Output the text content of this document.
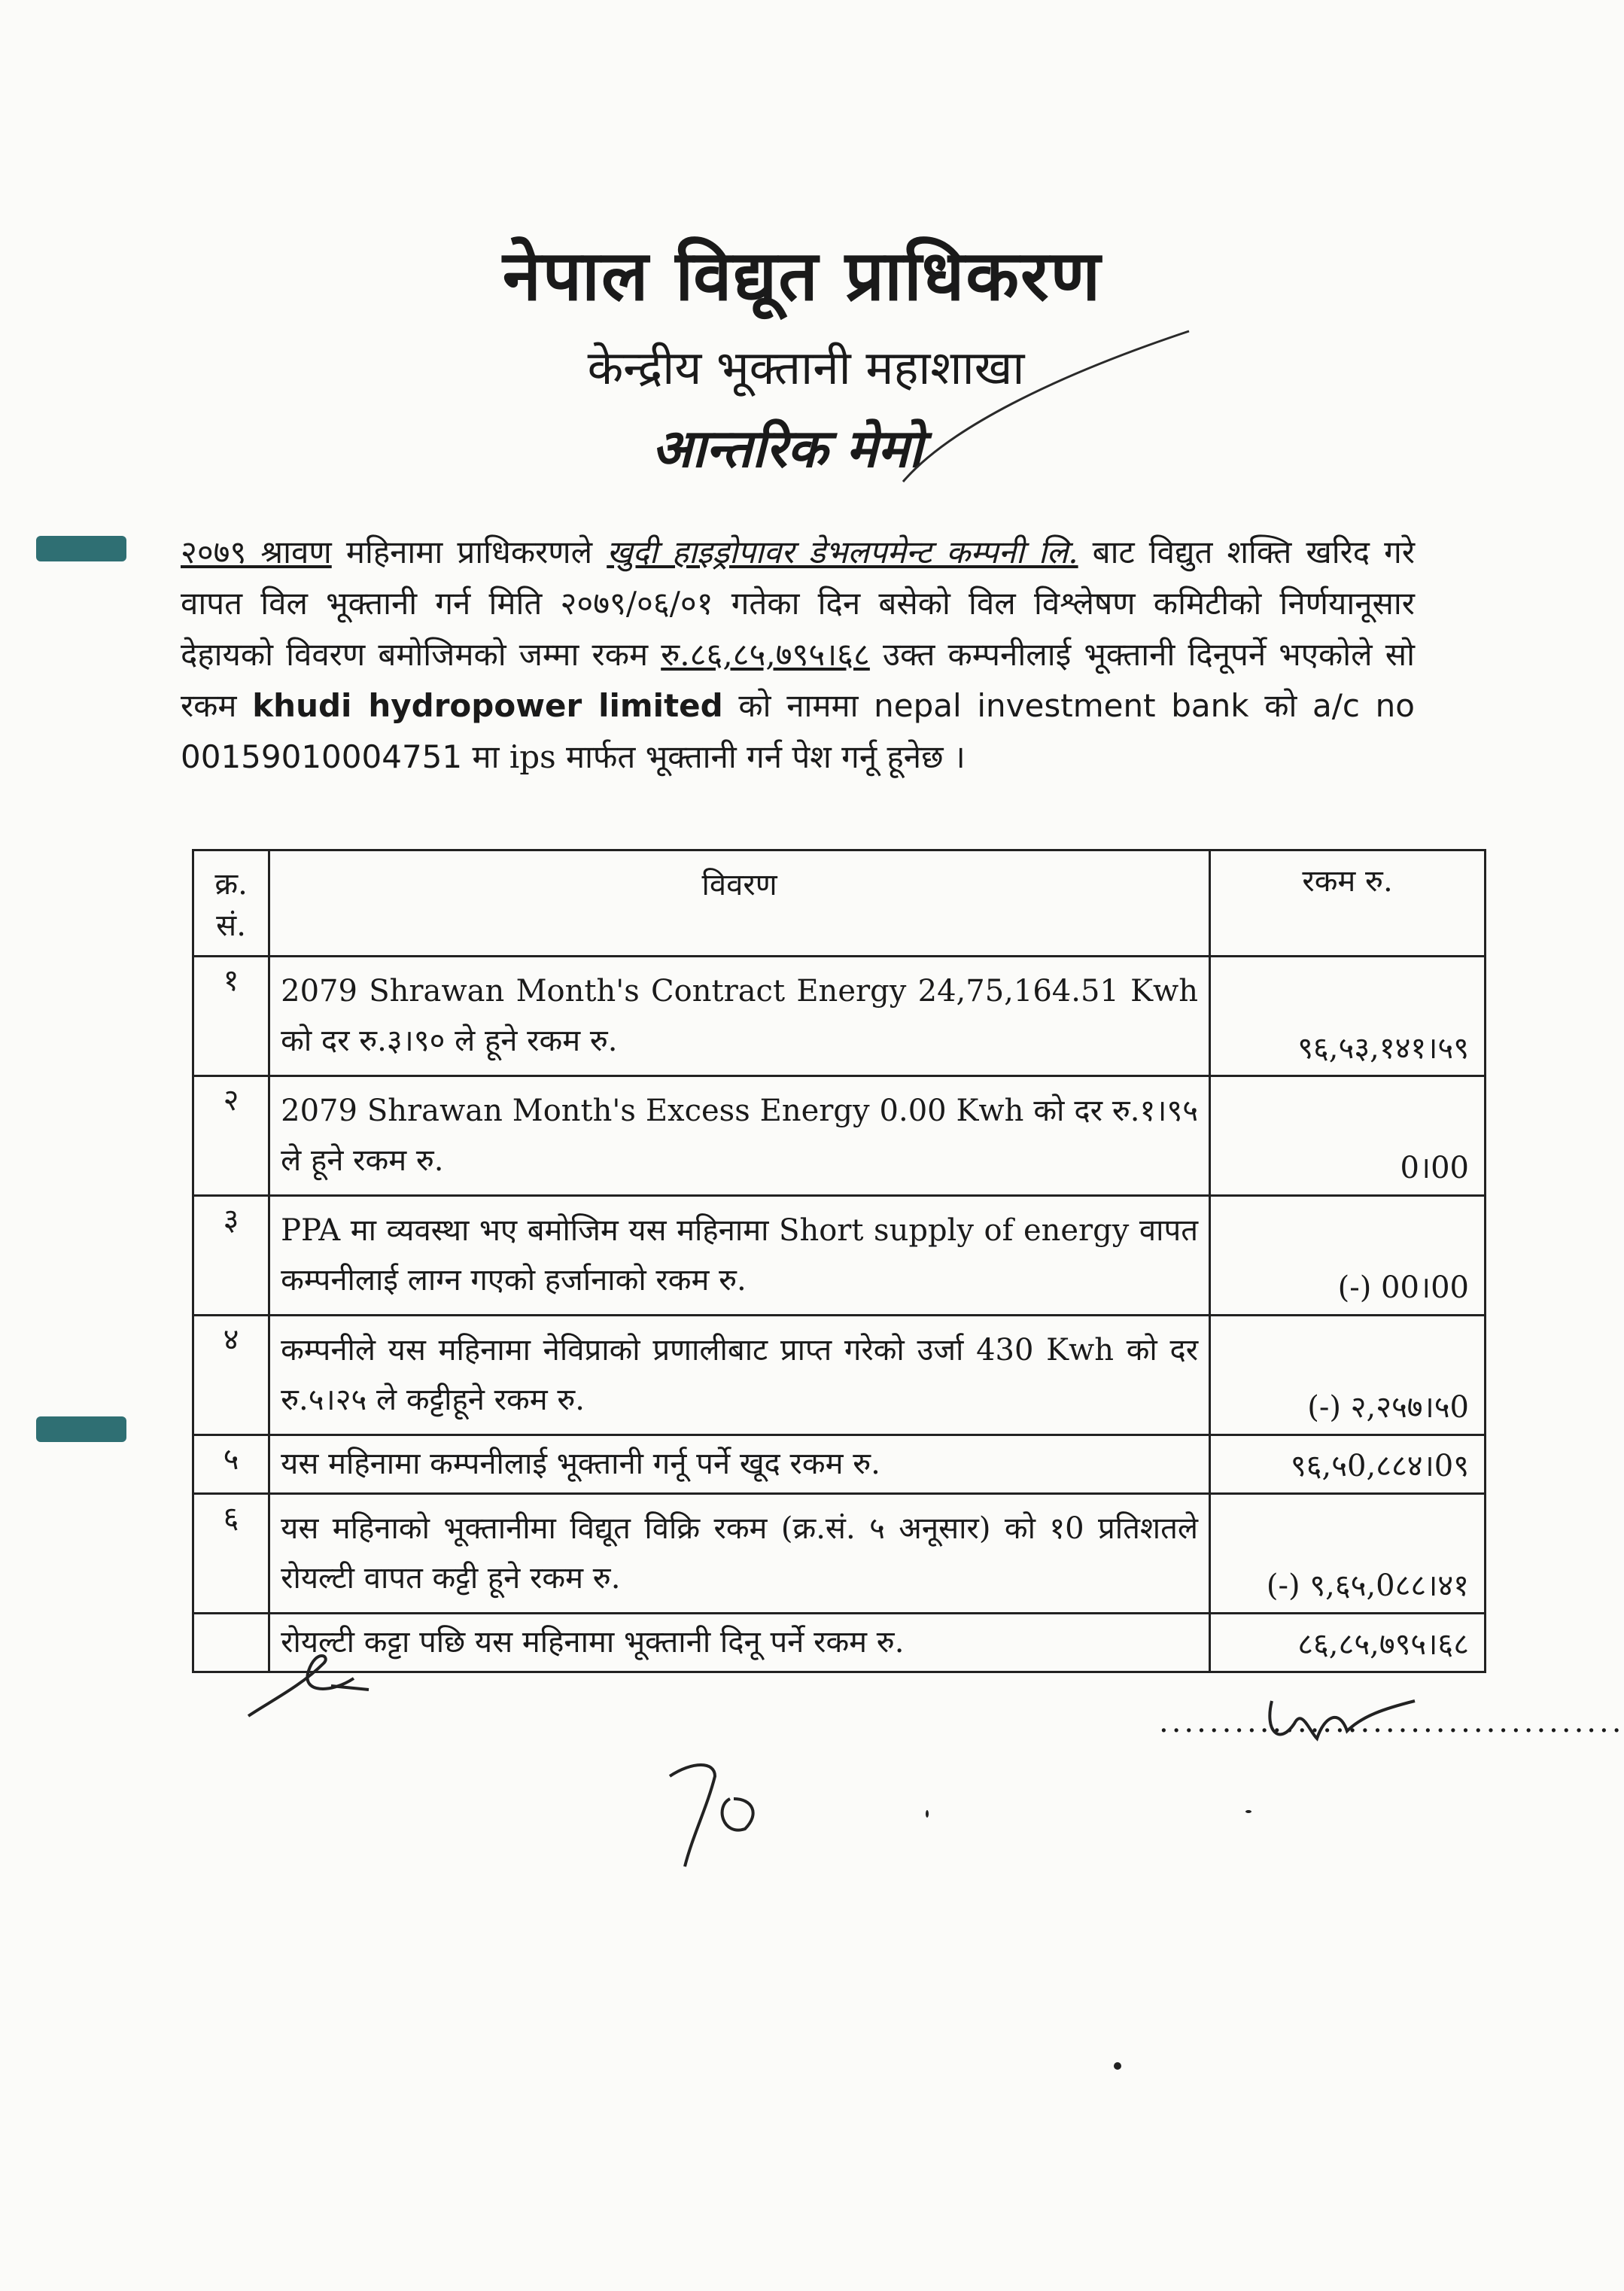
नेपाल विद्यूत प्राधिकरण
केन्द्रीय भूक्तानी महाशाखा
आन्तरिक मेमो
२०७९ श्रावण महिनामा प्राधिकरणले खुदी हाइड्रोपावर डेभलपमेन्ट कम्पनी लि. बाट विद्युत शक्ति खरिद गरे वापत विल भूक्तानी गर्न मिति २०७९/०६/०१ गतेका दिन बसेको विल विश्लेषण कमिटीको निर्णयानूसार देहायको विवरण बमोजिमको जम्मा रकम रु.८६,८५,७९५।६८ उक्त कम्पनीलाई भूक्तानी दिनूपर्ने भएकोले सो रकम khudi hydropower limited को नाममा nepal investment bank को a/c no 00159010004751 मा ips मार्फत भूक्तानी गर्न पेश गर्नू हूनेछ ।
क्र. सं.	विवरण	रकम रु.
१	2079 Shrawan Month's Contract Energy 24,75,164.51 Kwh को दर रु.३।९० ले हूने रकम रु.	९६,५३,१४१।५९
२	2079 Shrawan Month's Excess Energy 0.00 Kwh को दर रु.१।९५ ले हूने रकम रु.	0।00
३	PPA मा व्यवस्था भए बमोजिम यस महिनामा Short supply of energy वापत कम्पनीलाई लाग्न गएको हर्जानाको रकम रु.	(-) 00।00
४	कम्पनीले यस महिनामा नेविप्राको प्रणालीबाट प्राप्त गरेको उर्जा 430 Kwh को दर रु.५।२५ ले कट्टीहूने रकम रु.	(-) २,२५७।५0
५	यस महिनामा कम्पनीलाई भूक्तानी गर्नू पर्ने खूद रकम रु.	९६,५0,८८४।0९
६	यस महिनाको भूक्तानीमा विद्यूत विक्रि रकम (क्र.सं. ५ अनूसार) को १0 प्रतिशतले रोयल्टी वापत कट्टी हूने रकम रु.	(-) ९,६५,0८८।४१
	रोयल्टी कट्टा पछि यस महिनामा भूक्तानी दिनू पर्ने रकम रु.	८६,८५,७९५।६८
.....................................
